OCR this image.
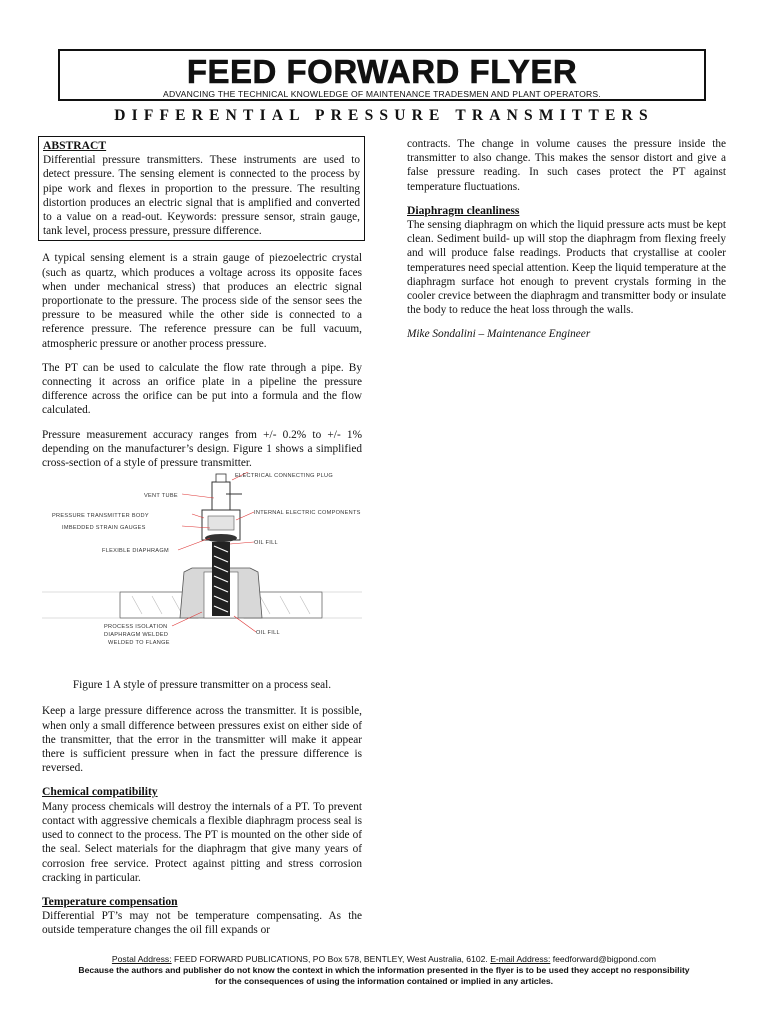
FEED FORWARD FLYER
ADVANCING THE TECHNICAL KNOWLEDGE OF MAINTENANCE TRADESMEN AND PLANT OPERATORS.
DIFFERENTIAL PRESSURE TRANSMITTERS
ABSTRACT
Differential pressure transmitters. These instruments are used to detect pressure. The sensing element is connected to the process by pipe work and flexes in proportion to the pressure. The resulting distortion produces an electric signal that is amplified and converted to a value on a read-out. Keywords: pressure sensor, strain gauge, tank level, process pressure, pressure difference.

A typical sensing element is a strain gauge of piezoelectric crystal (such as quartz, which produces a voltage across its opposite faces when under mechanical stress) that produces an electric signal proportionate to the pressure. The process side of the sensor sees the pressure to be measured while the other side is connected to a reference pressure. The reference pressure can be full vacuum, atmospheric pressure or another process pressure.

The PT can be used to calculate the flow rate through a pipe. By connecting it across an orifice plate in a pipeline the pressure difference across the orifice can be put into a formula and the flow calculated.

Pressure measurement accuracy ranges from +/- 0.2% to +/- 1% depending on the manufacturer’s design. Figure 1 shows a simplified cross-section of a style of pressure transmitter.

ELECTRICAL CONNECTING PLUG
VENT TUBE
PRESSURE TRANSMITTER BODY	INTERNAL ELECTRIC COMPONENTS
IMBEDDED STRAIN GAUGES
OIL FILL
FLEXIBLE DIAPHRAGM
PROCESS ISOLATION
DIAPHRAGM WELDED
WELDED TO FLANGE
OIL FILL
Figure 1 A style of pressure transmitter on a process seal.

Keep a large pressure difference across the transmitter. It is possible, when only a small difference between pressures exist on either side of the transmitter, that the error in the transmitter will make it appear there is sufficient pressure when in fact the pressure difference is reversed.

Chemical compatibility

Many process chemicals will destroy the internals of a PT. To prevent contact with aggressive chemicals a flexible diaphragm process seal is used to connect to the process. The PT is mounted on the other side of the seal. Select materials for the diaphragm that give many years of corrosion free service. Protect against pitting and stress corrosion cracking in particular.

Temperature compensation

Differential PT’s may not be temperature compensating. As the outside temperature changes the oil fill expands or

contracts. The change in volume causes the pressure inside the transmitter to also change. This makes the sensor distort and give a false pressure reading. In such cases protect the PT against temperature fluctuations.

Diaphragm cleanliness

The sensing diaphragm on which the liquid pressure acts must be kept clean. Sediment build- up will stop the diaphragm from flexing freely and will produce false readings. Products that crystallise at cooler temperatures need special attention. Keep the liquid temperature at the diaphragm surface hot enough to prevent crystals forming in the cooler crevice between the diaphragm and transmitter body or insulate the body to reduce the heat loss through the walls.

Mike Sondalini – Maintenance Engineer
Postal Address: FEED FORWARD PUBLICATIONS, PO Box 578, BENTLEY, West Australia, 6102. E-mail Address: feedforward@bigpond.com
Because the authors and publisher do not know the context in which the information presented in the flyer is to be used they accept no responsibility
for the consequences of using the information contained or implied in any articles.
